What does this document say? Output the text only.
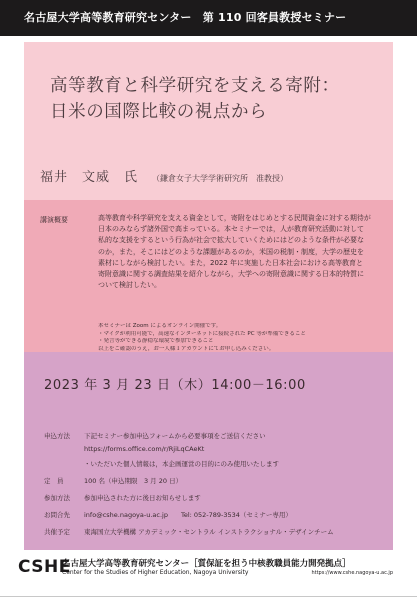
名古屋大学高等教育研究センター　第 110 回客員教授セミナー
高等教育と科学研究を支える寄附：
日米の国際比較の視点から
福井　文威　氏 （鎌倉女子大学学術研究所　准教授）
講演概要	高等教育や科学研究を支える資金として，寄附をはじめとする民間資金に対する期待が
日本のみならず諸外国で高まっている。本セミナーでは，人が教育研究活動に対して
私的な支援をするという行為が社会で拡大していくためにはどのような条件が必要な
のか，また，そこにはどのような課題があるのか，米国の税制・制度，大学の歴史を
素材にしながら検討したい。また，2022 年に実施した日本社会における高等教育と
寄附意識に関する調査結果を紹介しながら，大学への寄附意識に関する日本的特質に
ついて検討したい。
本セミナーは Zoom によるオンライン開催です。
・マイクが利用可能で，高速なインターネットに接続された PC 等が準備できること
・発言等ができる静穏な環境で参加できること
以上をご確認のうえ，お一人様１アカウントにてお申し込みください。
2023 年 3 月 23 日（木）14:00－16:00
申込方法 下記セミナー参加申込フォームから必要事項をご送信ください
https://forms.office.com/r/RjiLqCAeKt
・いただいた個人情報は，本企画運営の目的にのみ使用いたします
定　員	100 名（申込期限　3 月 20 日）
参加方法 参加申込された方に後日お知らせします
お問合先 info@cshe.nagoya-u.ac.jp　　Tel: 052-789-3534（セミナー専用）
共催予定 東海国立大学機構 アカデミック・セントラル インストラクショナル・デザインチーム
CSHE
名古屋大学高等教育研究センター［質保証を担う中核教職員能力開発拠点］
Center for the Studies of Higher Education, Nagoya University	https://www.cshe.nagoya-u.ac.jp
